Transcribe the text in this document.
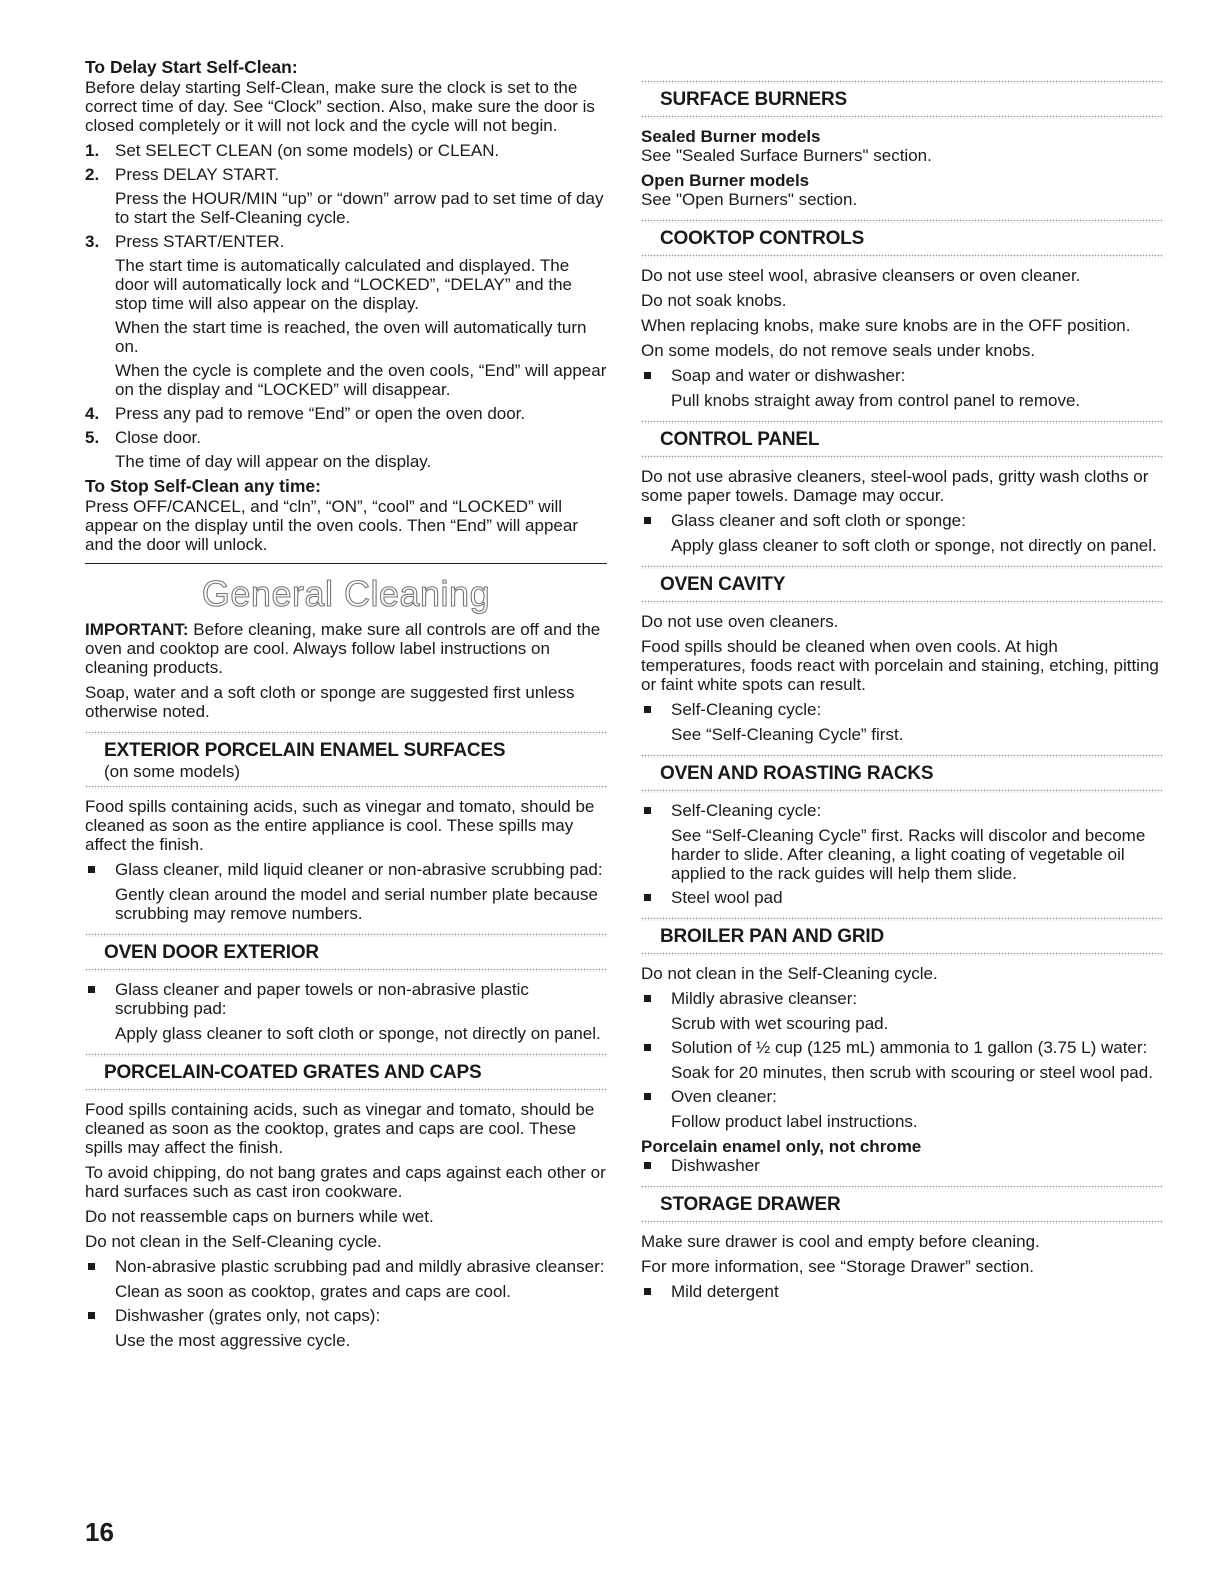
To Delay Start Self-Clean:

Before delay starting Self-Clean, make sure the clock is set to the correct time of day. See “Clock” section. Also, make sure the door is closed completely or it will not lock and the cycle will not begin.

1. Set SELECT CLEAN (on some models) or CLEAN.
2. Press DELAY START.
Press the HOUR/MIN “up” or “down” arrow pad to set time of day to start the Self-Cleaning cycle.
3. Press START/ENTER.
The start time is automatically calculated and displayed. The door will automatically lock and “LOCKED”, “DELAY” and the stop time will also appear on the display.
When the start time is reached, the oven will automatically turn on.
When the cycle is complete and the oven cools, “End” will appear on the display and “LOCKED” will disappear.
4. Press any pad to remove “End” or open the oven door.
5. Close door.
The time of day will appear on the display.

To Stop Self-Clean any time:

Press OFF/CANCEL, and “cln”, “ON”, “cool” and “LOCKED” will appear on the display until the oven cools. Then “End” will appear and the door will unlock.

General Cleaning

IMPORTANT: Before cleaning, make sure all controls are off and the oven and cooktop are cool. Always follow label instructions on cleaning products.

Soap, water and a soft cloth or sponge are suggested first unless otherwise noted.

EXTERIOR PORCELAIN ENAMEL SURFACES
(on some models)

Food spills containing acids, such as vinegar and tomato, should be cleaned as soon as the entire appliance is cool. These spills may affect the finish.

Glass cleaner, mild liquid cleaner or non-abrasive scrubbing pad:
Gently clean around the model and serial number plate because scrubbing may remove numbers.
OVEN DOOR EXTERIOR
Glass cleaner and paper towels or non-abrasive plastic scrubbing pad:
Apply glass cleaner to soft cloth or sponge, not directly on panel.
PORCELAIN-COATED GRATES AND CAPS

Food spills containing acids, such as vinegar and tomato, should be cleaned as soon as the cooktop, grates and caps are cool. These spills may affect the finish.

To avoid chipping, do not bang grates and caps against each other or hard surfaces such as cast iron cookware.

Do not reassemble caps on burners while wet.

Do not clean in the Self-Cleaning cycle.

Non-abrasive plastic scrubbing pad and mildly abrasive cleanser:
Clean as soon as cooktop, grates and caps are cool.
Dishwasher (grates only, not caps):
Use the most aggressive cycle.
SURFACE BURNERS

Sealed Burner models

See "Sealed Surface Burners" section.

Open Burner models

See "Open Burners" section.

COOKTOP CONTROLS

Do not use steel wool, abrasive cleansers or oven cleaner.

Do not soak knobs.

When replacing knobs, make sure knobs are in the OFF position.

On some models, do not remove seals under knobs.

Soap and water or dishwasher:
Pull knobs straight away from control panel to remove.
CONTROL PANEL

Do not use abrasive cleaners, steel-wool pads, gritty wash cloths or some paper towels. Damage may occur.

Glass cleaner and soft cloth or sponge:
Apply glass cleaner to soft cloth or sponge, not directly on panel.
OVEN CAVITY

Do not use oven cleaners.

Food spills should be cleaned when oven cools. At high temperatures, foods react with porcelain and staining, etching, pitting or faint white spots can result.

Self-Cleaning cycle:
See “Self-Cleaning Cycle” first.
OVEN AND ROASTING RACKS
Self-Cleaning cycle:
See “Self-Cleaning Cycle” first. Racks will discolor and become harder to slide. After cleaning, a light coating of vegetable oil applied to the rack guides will help them slide.
Steel wool pad
BROILER PAN AND GRID

Do not clean in the Self-Cleaning cycle.

Mildly abrasive cleanser:
Scrub with wet scouring pad.
Solution of ½ cup (125 mL) ammonia to 1 gallon (3.75 L) water:
Soak for 20 minutes, then scrub with scouring or steel wool pad.
Oven cleaner:
Follow product label instructions.

Porcelain enamel only, not chrome

Dishwasher
STORAGE DRAWER

Make sure drawer is cool and empty before cleaning.

For more information, see “Storage Drawer” section.

Mild detergent
16
